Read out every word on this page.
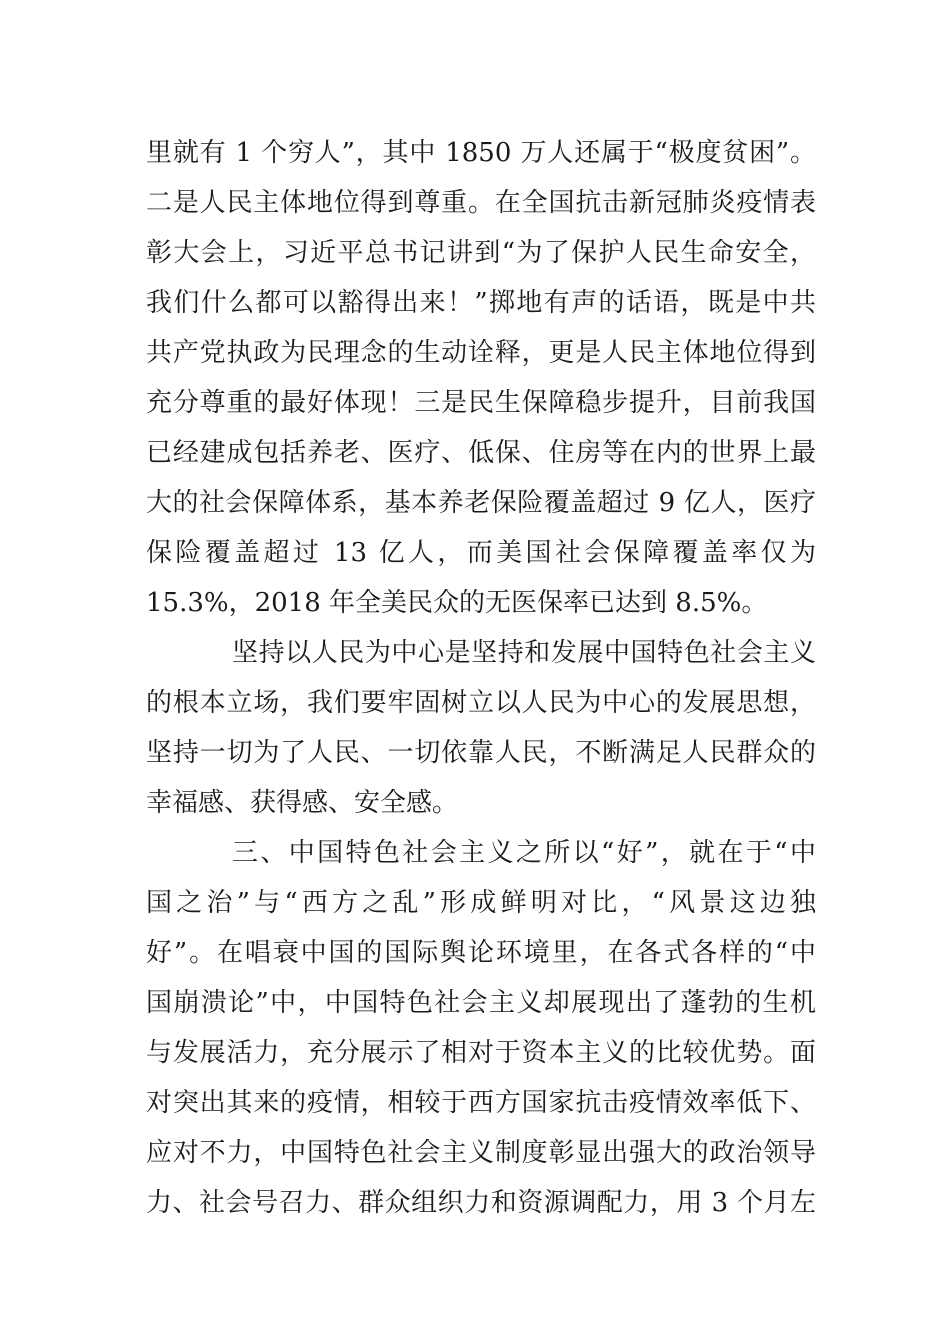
里就有 1 个穷人”，其中 1850 万人还属于“极度贫困”。
二是人民主体地位得到尊重。在全国抗击新冠肺炎疫情表
彰大会上，习近平总书记讲到“为了保护人民生命安全，
我们什么都可以豁得出来！”掷地有声的话语，既是中共
共产党执政为民理念的生动诠释，更是人民主体地位得到
充分尊重的最好体现！三是民生保障稳步提升，目前我国
已经建成包括养老、医疗、低保、住房等在内的世界上最
大的社会保障体系，基本养老保险覆盖超过 9 亿人，医疗
保险覆盖超过 13 亿人，而美国社会保障覆盖率仅为
15.3%，2018 年全美民众的无医保率已达到 8.5%。
坚持以人民为中心是坚持和发展中国特色社会主义
的根本立场，我们要牢固树立以人民为中心的发展思想，
坚持一切为了人民、一切依靠人民，不断满足人民群众的
幸福感、获得感、安全感。
三、中国特色社会主义之所以“好”，就在于“中
国之治”与“西方之乱”形成鲜明对比，“风景这边独
好”。在唱衰中国的国际舆论环境里，在各式各样的“中
国崩溃论”中，中国特色社会主义却展现出了蓬勃的生机
与发展活力，充分展示了相对于资本主义的比较优势。面
对突出其来的疫情，相较于西方国家抗击疫情效率低下、
应对不力，中国特色社会主义制度彰显出强大的政治领导
力、社会号召力、群众组织力和资源调配力，用 3 个月左
